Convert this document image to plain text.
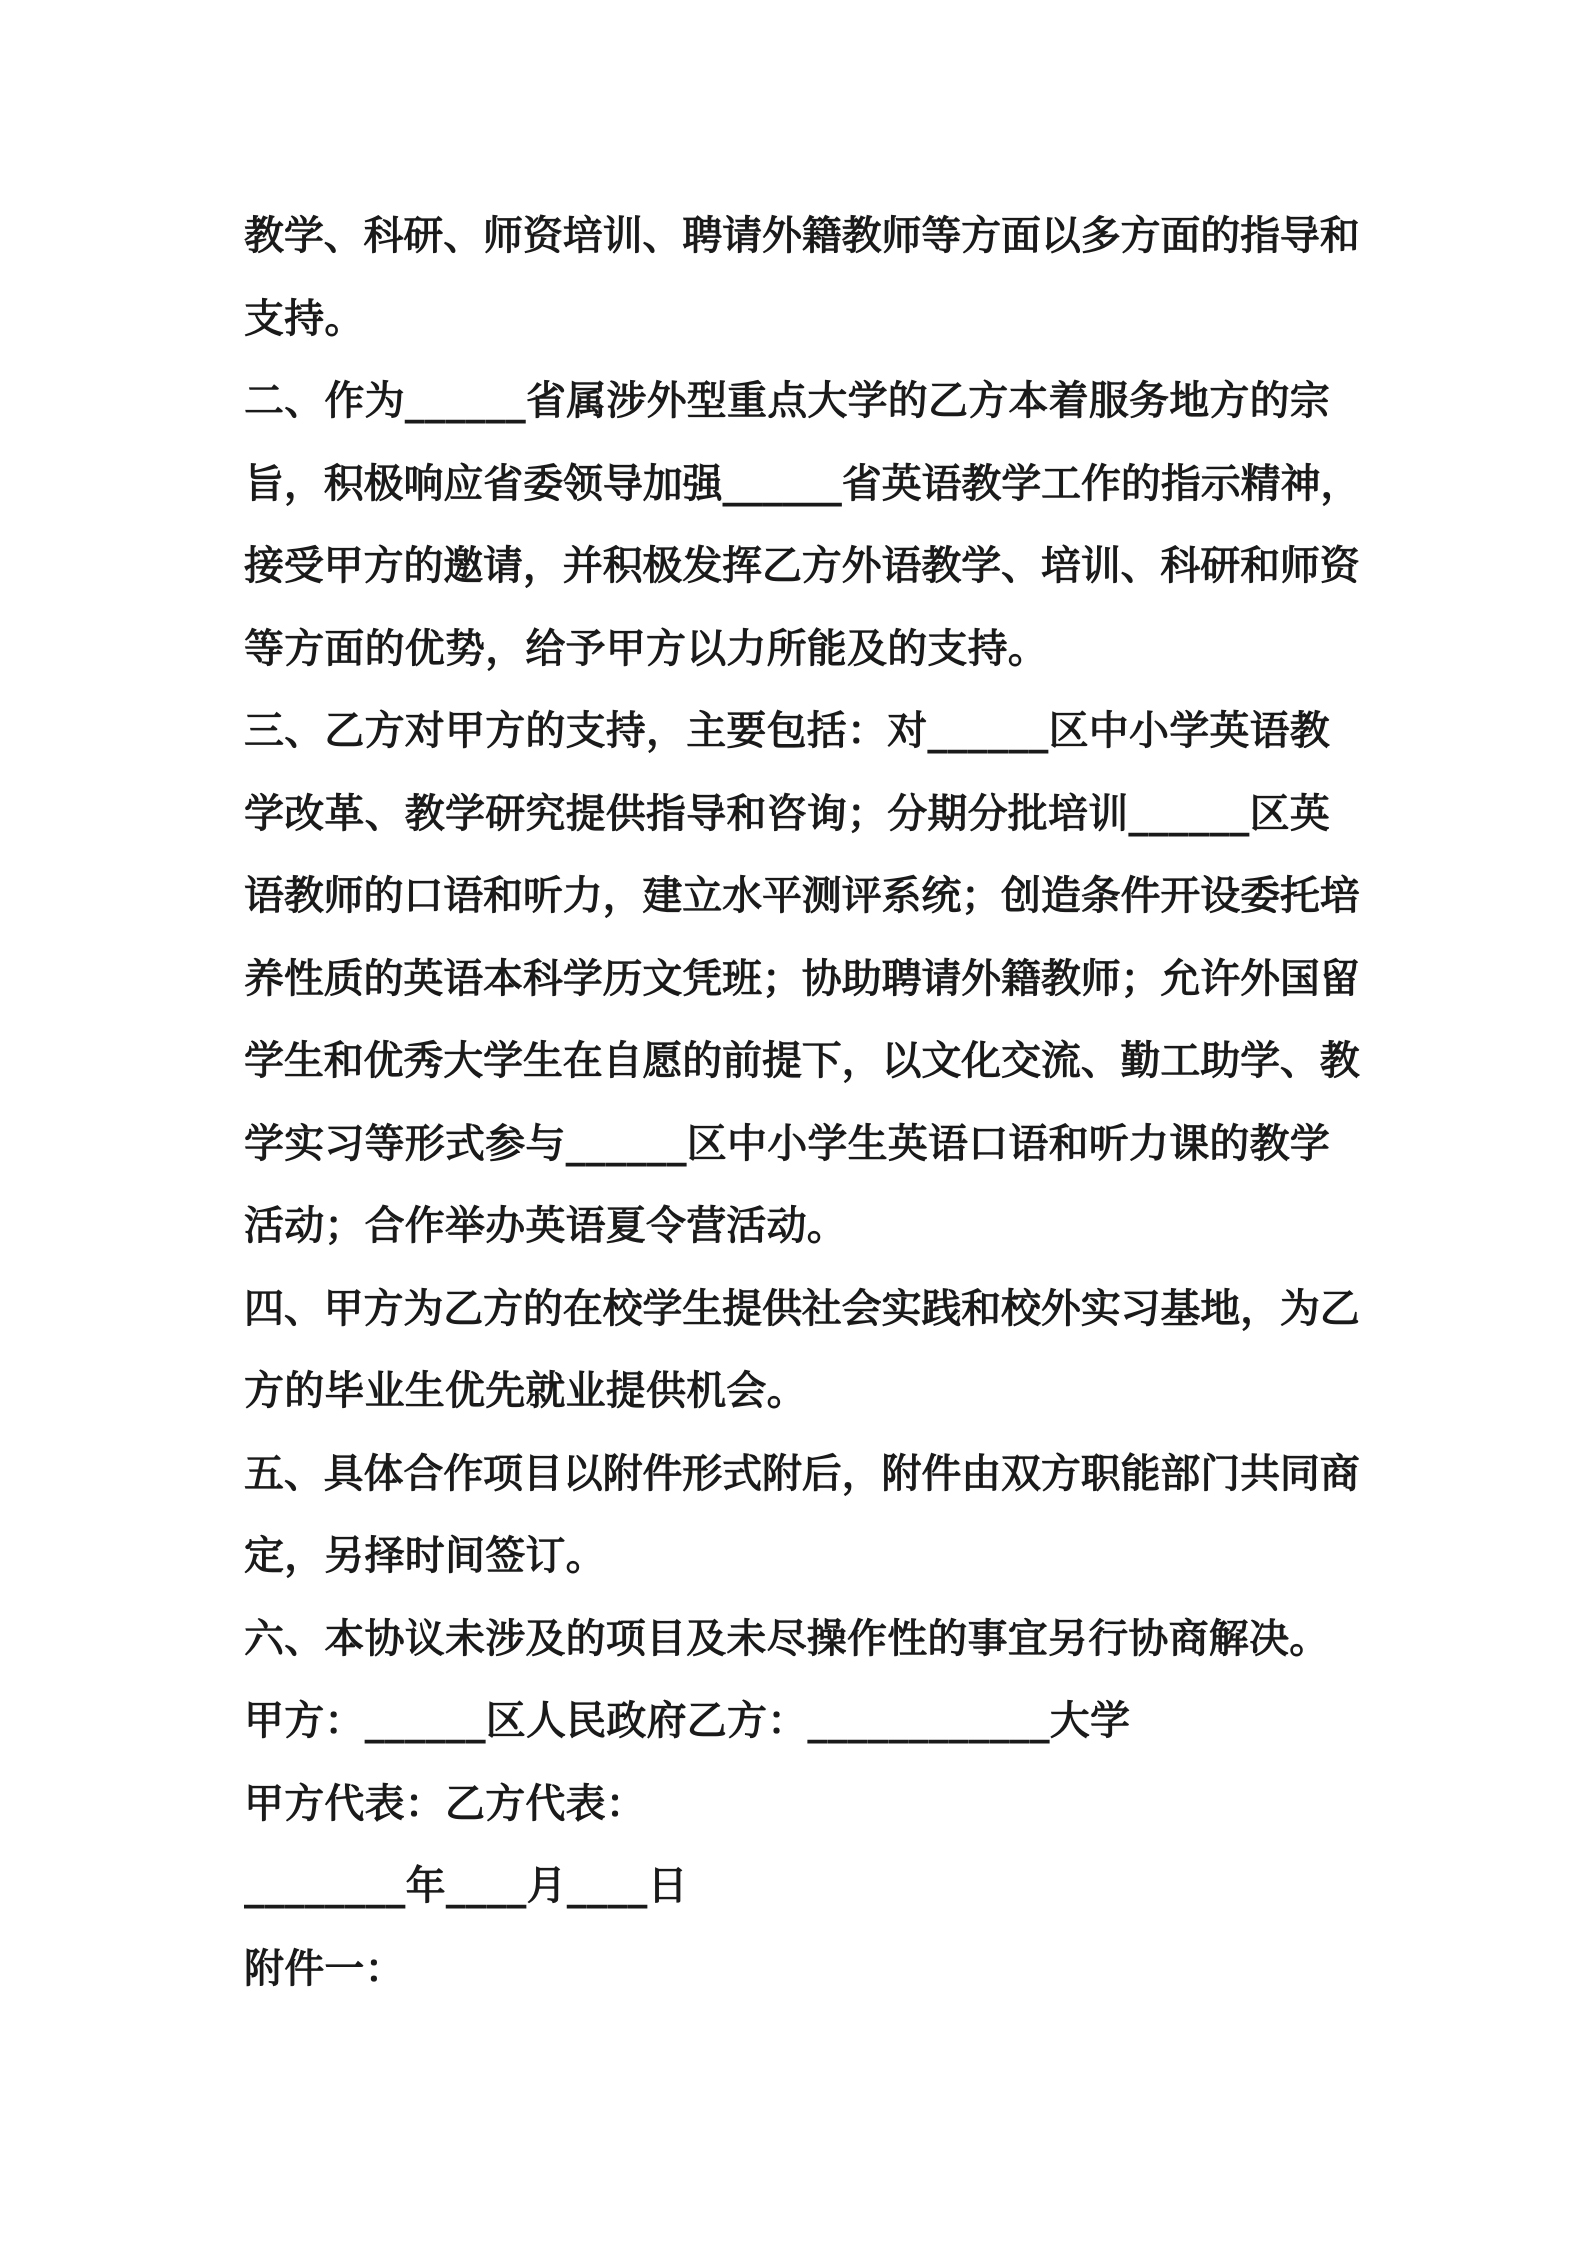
教学、科研、师资培训、聘请外籍教师等方面以多方面的指导和
支持。

二、作为______省属涉外型重点大学的乙方本着服务地方的宗
旨，积极响应省委领导加强______省英语教学工作的指示精神，
接受甲方的邀请，并积极发挥乙方外语教学、培训、科研和师资
等方面的优势，给予甲方以力所能及的支持。

三、乙方对甲方的支持，主要包括：对______区中小学英语教
学改革、教学研究提供指导和咨询；分期分批培训______区英
语教师的口语和听力，建立水平测评系统；创造条件开设委托培
养性质的英语本科学历文凭班；协助聘请外籍教师；允许外国留
学生和优秀大学生在自愿的前提下，以文化交流、勤工助学、教
学实习等形式参与______区中小学生英语口语和听力课的教学
活动；合作举办英语夏令营活动。

四、甲方为乙方的在校学生提供社会实践和校外实习基地，为乙
方的毕业生优先就业提供机会。

五、具体合作项目以附件形式附后，附件由双方职能部门共同商
定，另择时间签订。

六、本协议未涉及的项目及未尽操作性的事宜另行协商解决。

甲方：______区人民政府乙方：____________大学

甲方代表：乙方代表：

________年____月____日

附件一：
